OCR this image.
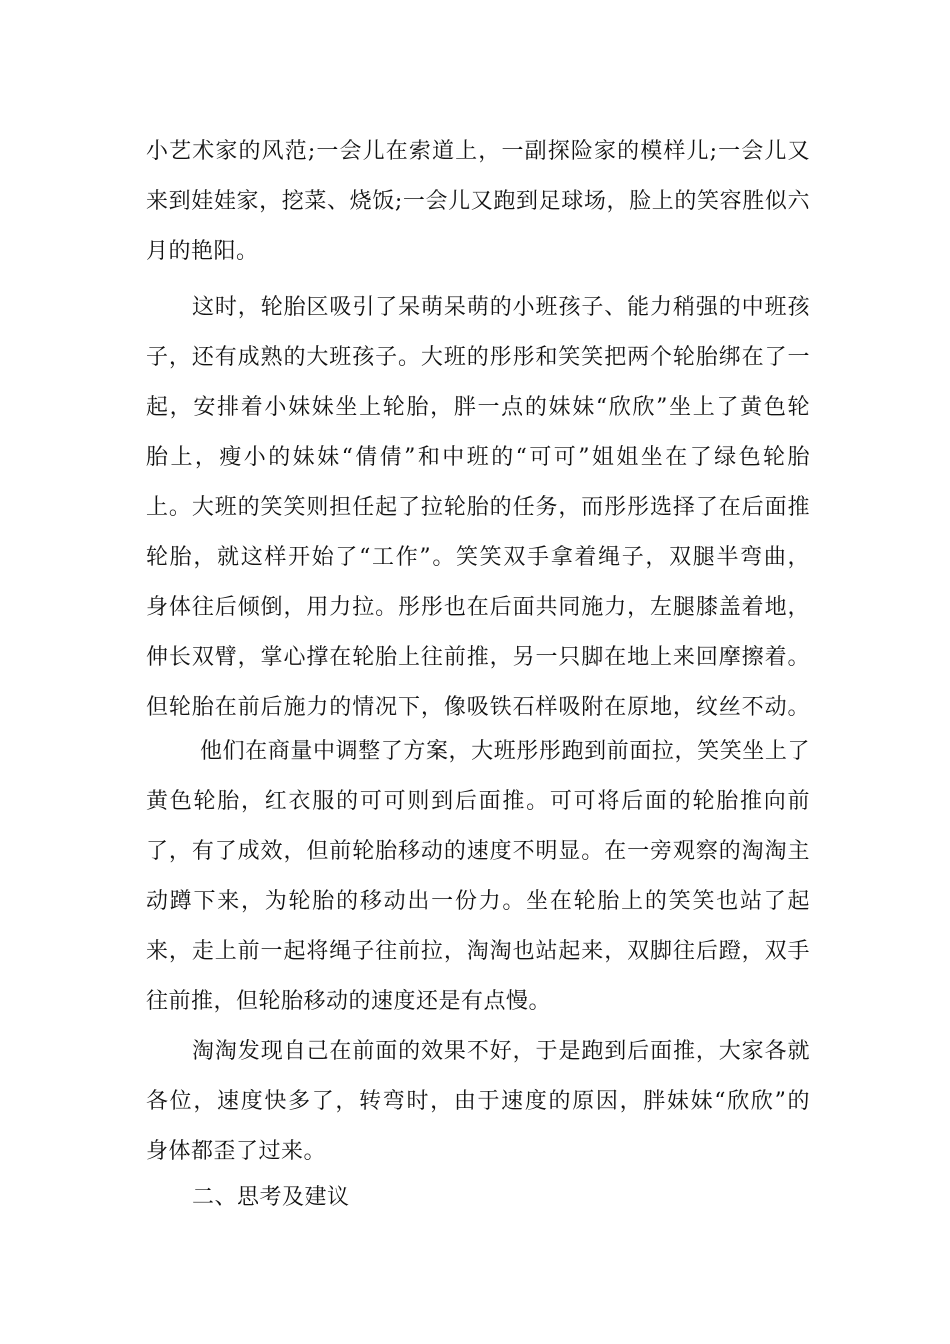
小艺术家的风范;一会儿在索道上，一副探险家的模样儿;一会儿又
来到娃娃家，挖菜、烧饭;一会儿又跑到足球场，脸上的笑容胜似六
月的艳阳。
这时，轮胎区吸引了呆萌呆萌的小班孩子、能力稍强的中班孩
子，还有成熟的大班孩子。大班的彤彤和笑笑把两个轮胎绑在了一
起，安排着小妹妹坐上轮胎，胖一点的妹妹“欣欣”坐上了黄色轮
胎上，瘦小的妹妹“倩倩”和中班的“可可”姐姐坐在了绿色轮胎
上。大班的笑笑则担任起了拉轮胎的任务，而彤彤选择了在后面推
轮胎，就这样开始了“工作”。笑笑双手拿着绳子，双腿半弯曲，
身体往后倾倒，用力拉。彤彤也在后面共同施力，左腿膝盖着地，
伸长双臂，掌心撑在轮胎上往前推，另一只脚在地上来回摩擦着。
但轮胎在前后施力的情况下，像吸铁石样吸附在原地，纹丝不动。
他们在商量中调整了方案，大班彤彤跑到前面拉，笑笑坐上了
黄色轮胎，红衣服的可可则到后面推。可可将后面的轮胎推向前
了，有了成效，但前轮胎移动的速度不明显。在一旁观察的淘淘主
动蹲下来，为轮胎的移动出一份力。坐在轮胎上的笑笑也站了起
来，走上前一起将绳子往前拉，淘淘也站起来，双脚往后蹬，双手
往前推，但轮胎移动的速度还是有点慢。
淘淘发现自己在前面的效果不好，于是跑到后面推，大家各就
各位，速度快多了，转弯时，由于速度的原因，胖妹妹“欣欣”的
身体都歪了过来。
二、思考及建议
